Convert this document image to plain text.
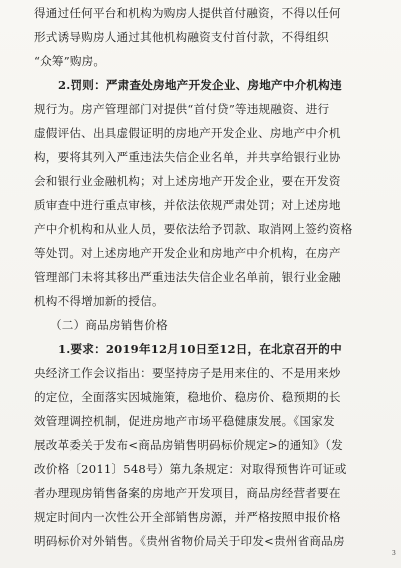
得通过任何平台和机构为购房人提供首付融资，不得以任何
形式诱导购房人通过其他机构融资支付首付款，不得组织
“众筹”购房。
2.罚则：严肃查处房地产开发企业、房地产中介机构违
规行为。房产管理部门对提供“首付贷”等违规融资、进行
虚假评估、出具虚假证明的房地产开发企业、房地产中介机
构，要将其列入严重违法失信企业名单，并共享给银行业协
会和银行业金融机构；对上述房地产开发企业，要在开发资
质审查中进行重点审核，并依法依规严肃处罚；对上述房地
产中介机构和从业人员，要依法给予罚款、取消网上签约资格
等处罚。对上述房地产开发企业和房地产中介机构，在房产
管理部门未将其移出严重违法失信企业名单前，银行业金融
机构不得增加新的授信。
（二）商品房销售价格
1.要求：2019年12月10日至12日，在北京召开的中
央经济工作会议指出：要坚持房子是用来住的、不是用来炒
的定位，全面落实因城施策，稳地价、稳房价、稳预期的长
效管理调控机制，促进房地产市场平稳健康发展。《国家发
展改革委关于发布<商品房销售明码标价规定>的通知》（发
改价格〔2011〕548号）第九条规定：对取得预售许可证或
者办理现房销售备案的房地产开发项目，商品房经营者要在
规定时间内一次性公开全部销售房源，并严格按照申报价格
明码标价对外销售。《贵州省物价局关于印发<贵州省商品房
3
